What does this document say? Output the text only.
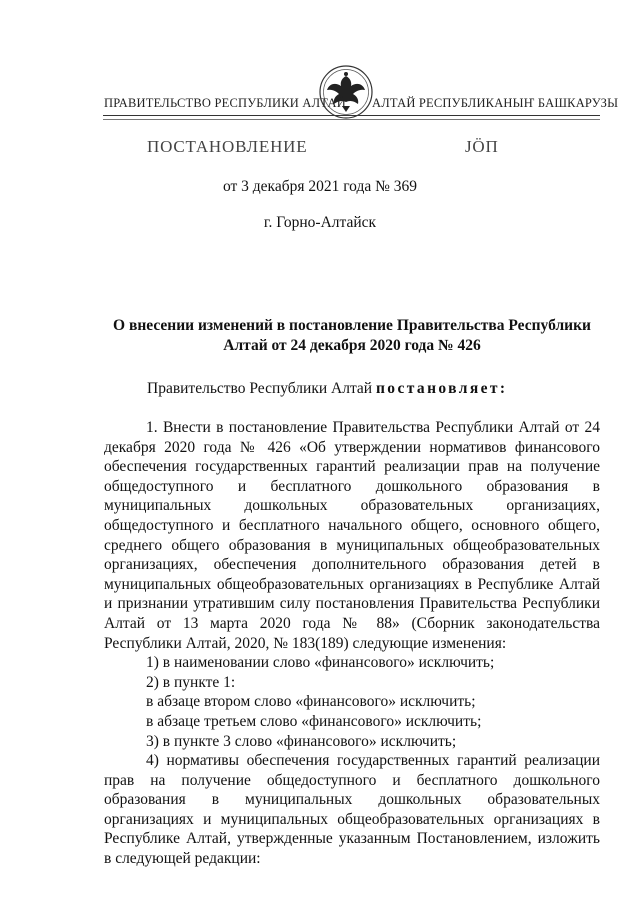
ПРАВИТЕЛЬСТВО РЕСПУБЛИКИ АЛТАЙ АЛТАЙ РЕСПУБЛИКАНЫҤ БАШКАРУЗЫ
ПОСТАНОВЛЕНИЕ	ЈӦП
от 3 декабря 2021 года № 369
г. Горно-Алтайск
О внесении изменений в постановление Правительства Республики Алтай от 24 декабря 2020 года № 426
Правительство Республики Алтай постановляет:

1. Внести в постановление Правительства Республики Алтай от 24 декабря 2020 года № 426 «Об утверждении нормативов финансового обеспечения государственных гарантий реализации прав на получение общедоступного и бесплатного дошкольного образования в муниципальных дошкольных образовательных организациях, общедоступного и бесплатного начального общего, основного общего, среднего общего образования в муниципальных общеобразовательных организациях, обеспечения дополнительного образования детей в муниципальных общеобразовательных организациях в Республике Алтай и признании утратившим силу постановления Правительства Республики Алтай от 13 марта 2020 года № 88» (Сборник законодательства Республики Алтай, 2020, № 183(189) следующие изменения:

1) в наименовании слово «финансового» исключить;

2) в пункте 1:

в абзаце втором слово «финансового» исключить;

в абзаце третьем слово «финансового» исключить;

3) в пункте 3 слово «финансового» исключить;

4) нормативы обеспечения государственных гарантий реализации прав на получение общедоступного и бесплатного дошкольного образования в муниципальных дошкольных образовательных организациях и муниципальных общеобразовательных организациях в Республике Алтай, утвержденные указанным Постановлением, изложить в следующей редакции:
